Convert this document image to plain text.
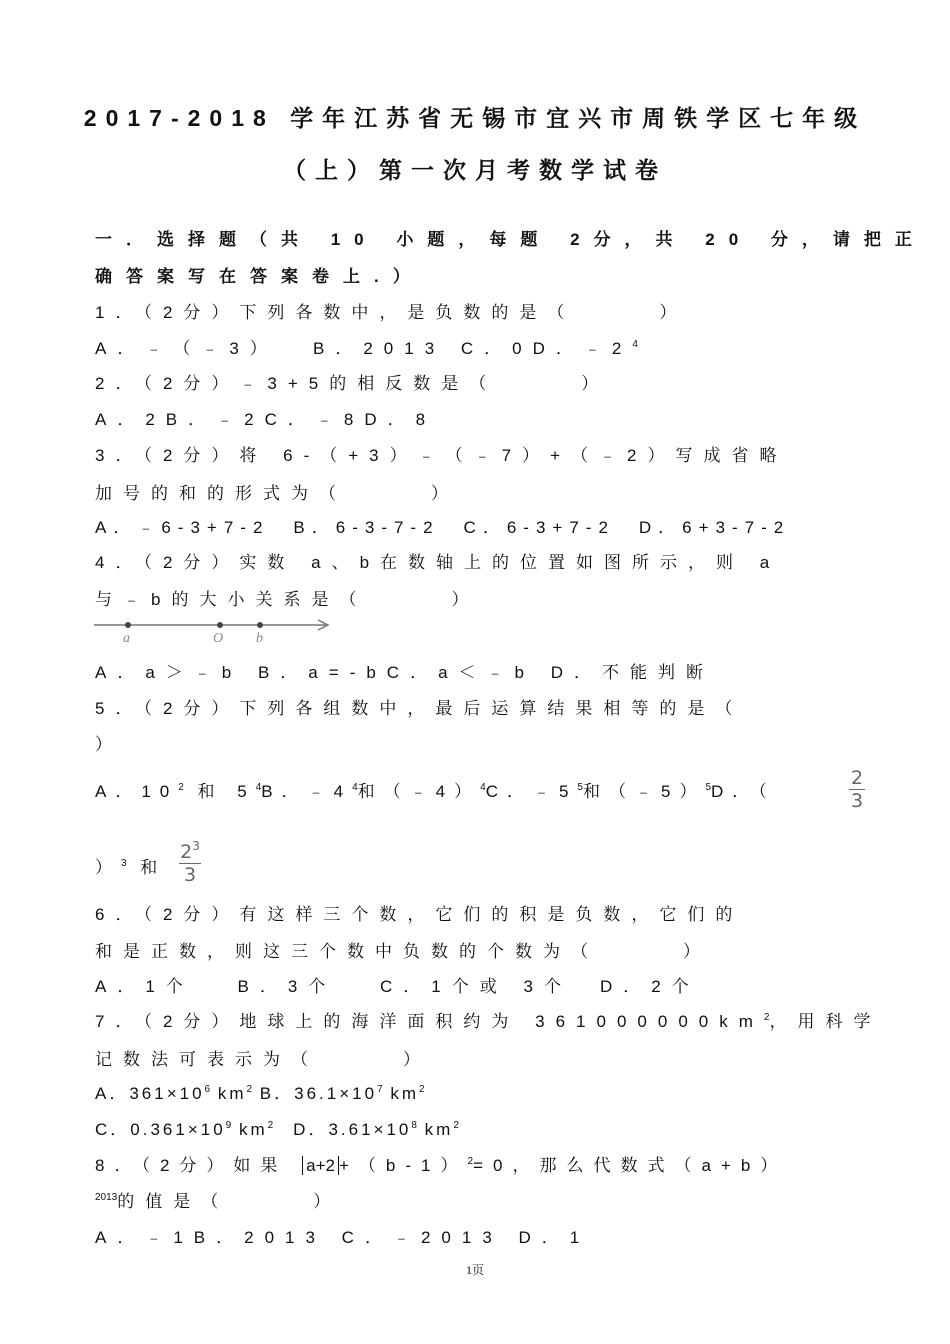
2017-2018 学年江苏省无锡市宜兴市周铁学区七年级
（上）第一次月考数学试卷
一．选择题（共 10 小题，每题 2分，共 20 分，请把正
确答案写在答案卷上.）
1．（2分）下列各数中，是负数的是（　　　）
A．﹣（﹣3）　 B．2013 C．0D．$﹣2^4$
2．（2分）﹣3+5的相反数是（　　　）
A．2B．﹣2C．﹣8D．8
3．（2分）将 6-（+3）﹣（﹣7）+（﹣2）写成省略
加号的和的形式为（　　　）
A．﹣6-3+7-2　B．6-3-7-2　C．6-3+7-2　D．6+3-7-2
4．（2分）实数 a、b在数轴上的位置如图所示，则 a
与﹣b的大小关系是（　　　）
a	O b
A．a＞﹣b B．a=-bC．a＜﹣b D．不能判断
5．（2分）下列各组数中，最后运算结果相等的是（
）
A．$10^2$ 和 $5^4B$．$﹣4^4$和（﹣4）$^4$C．$﹣5^5$和（﹣5）$^5$D．（
2
3
）$^3$ 和
$2^3$
3
6．（2分）有这样三个数，它们的积是负数，它们的
和是正数，则这三个数中负数的个数为（　　　）
A．1个　 B．3个　 C．1个或 3个　D．2个
7．（2分）地球上的海洋面积约为 $361000000km^2$，用科学
记数法可表示为（　　　）
A．$361\times 10^6$ $km^2$ B．$36.1\times 10^7$ $km^2$
C．$0.361\times 10^9$ $km^2$　D．$3.61\times 10^8$ $km^2$
8．（2分）如果 $a+2 +(b-1)^2=0$，那么代数式（a+b）
$^{2013}$的值是（　　　）
A．﹣1B．2013 C．﹣2013 D．1
1页
